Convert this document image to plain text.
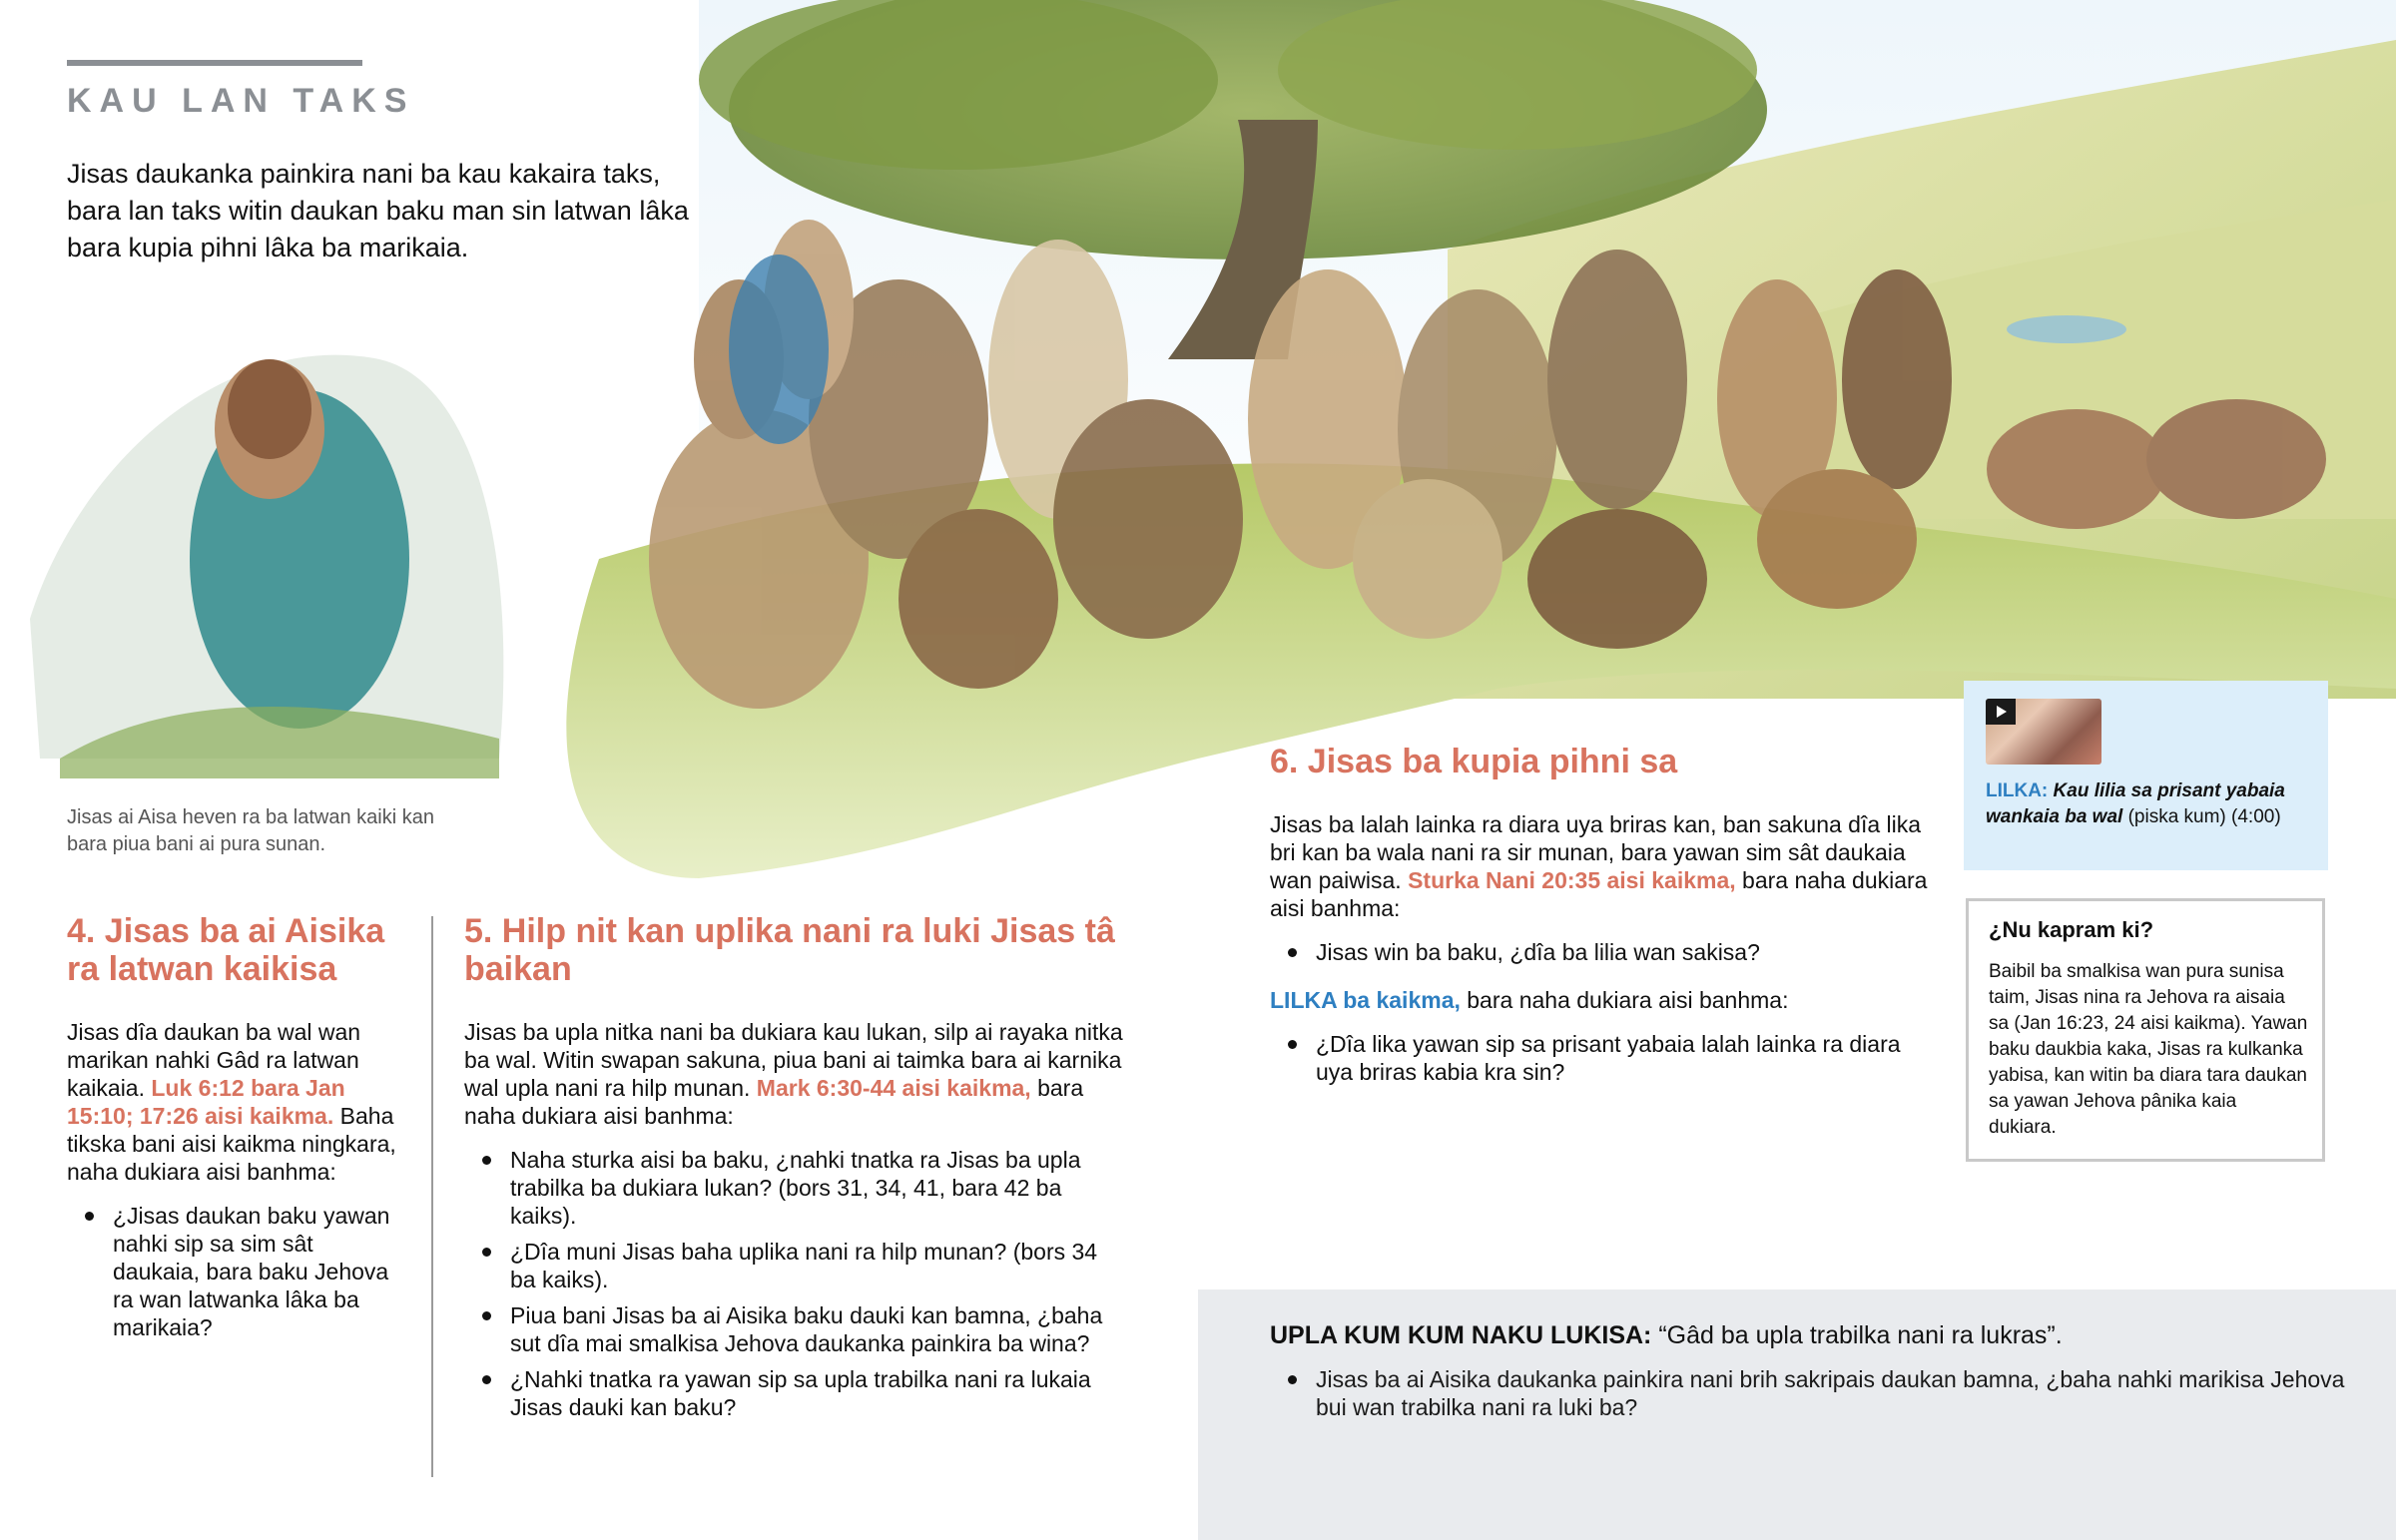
KAU LAN TAKS
Jisas daukanka painkira nani ba kau kakaira taks, bara lan taks witin daukan baku man sin latwan lâka bara kupia pihni lâka ba marikaia.
Jisas ai Aisa heven ra ba latwan kaiki kan bara piua bani ai pura sunan.
4. Jisas ba ai Aisika ra latwan kaikisa

Jisas dîa daukan ba wal wan marikan nahki Gâd ra latwan kaikaia. Luk 6:12 bara Jan 15:10; 17:26 aisi kaikma. Baha tikska bani aisi kaikma ningkara, naha dukiara aisi banhma:

¿Jisas daukan baku yawan nahki sip sa sim sât daukaia, bara baku Jehova ra wan latwanka lâka ba marikaia?
5. Hilp nit kan uplika nani ra luki Jisas tâ baikan

Jisas ba upla nitka nani ba dukiara kau lukan, silp ai rayaka nitka ba wal. Witin swapan sakuna, piua bani ai taimka bara ai karnika wal upla nani ra hilp munan. Mark 6:30-44 aisi kaikma, bara naha dukiara aisi banhma:

Naha sturka aisi ba baku, ¿nahki tnatka ra Jisas ba upla trabilka ba dukiara lukan? (bors 31, 34, 41, bara 42 ba kaiks).
¿Dîa muni Jisas baha uplika nani ra hilp munan? (bors 34 ba kaiks).
Piua bani Jisas ba ai Aisika baku dauki kan bamna, ¿baha sut dîa mai smalkisa Jehova daukanka painkira ba wina?
¿Nahki tnatka ra yawan sip sa upla trabilka nani ra lukaia Jisas dauki kan baku?
6. Jisas ba kupia pihni sa

Jisas ba lalah lainka ra diara uya briras kan, ban sakuna dîa lika bri kan ba wala nani ra sir munan, bara yawan sim sât daukaia wan paiwisa. Sturka Nani 20:35 aisi kaikma, bara naha dukiara aisi banhma:

Jisas win ba baku, ¿dîa ba lilia wan sakisa?

LILKA ba kaikma, bara naha dukiara aisi banhma:

¿Dîa lika yawan sip sa prisant yabaia lalah lainka ra diara uya briras kabia kra sin?
LILKA: Kau lilia sa prisant yabaia wankaia ba wal (piska kum) (4:00)
¿Nu kapram ki?
Baibil ba smalkisa wan pura sunisa taim, Jisas nina ra Jehova ra aisaia sa (Jan 16:23, 24 aisi kaikma). Yawan baku daukbia kaka, Jisas ra kulkanka yabisa, kan witin ba diara tara daukan sa yawan Jehova pânika kaia dukiara.
UPLA KUM KUM NAKU LUKISA: “Gâd ba upla trabilka nani ra lukras”.
Jisas ba ai Aisika daukanka painkira nani brih sakripais daukan bamna, ¿baha nahki marikisa Jehova bui wan trabilka nani ra luki ba?
